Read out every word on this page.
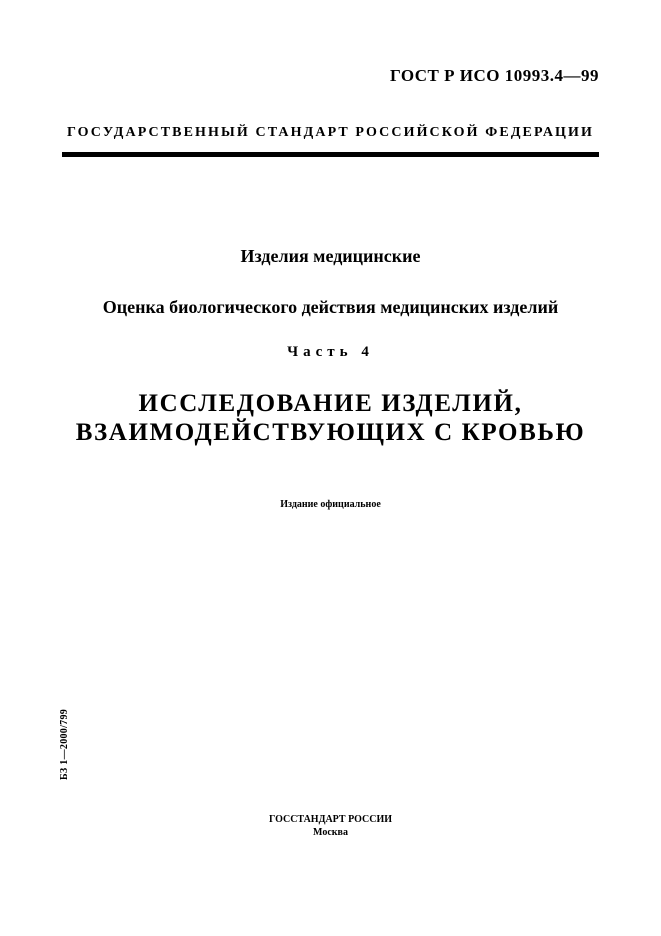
ГОСТ Р ИСО 10993.4—99
ГОСУДАРСТВЕННЫЙ СТАНДАРТ РОССИЙСКОЙ ФЕДЕРАЦИИ
Изделия медицинские
Оценка биологического действия медицинских изделий
Часть 4
ИССЛЕДОВАНИЕ ИЗДЕЛИЙ,
ВЗАИМОДЕЙСТВУЮЩИХ С КРОВЬЮ
Издание официальное
БЗ 1—2000/799
ГОССТАНДАРТ РОССИИ
Москва
